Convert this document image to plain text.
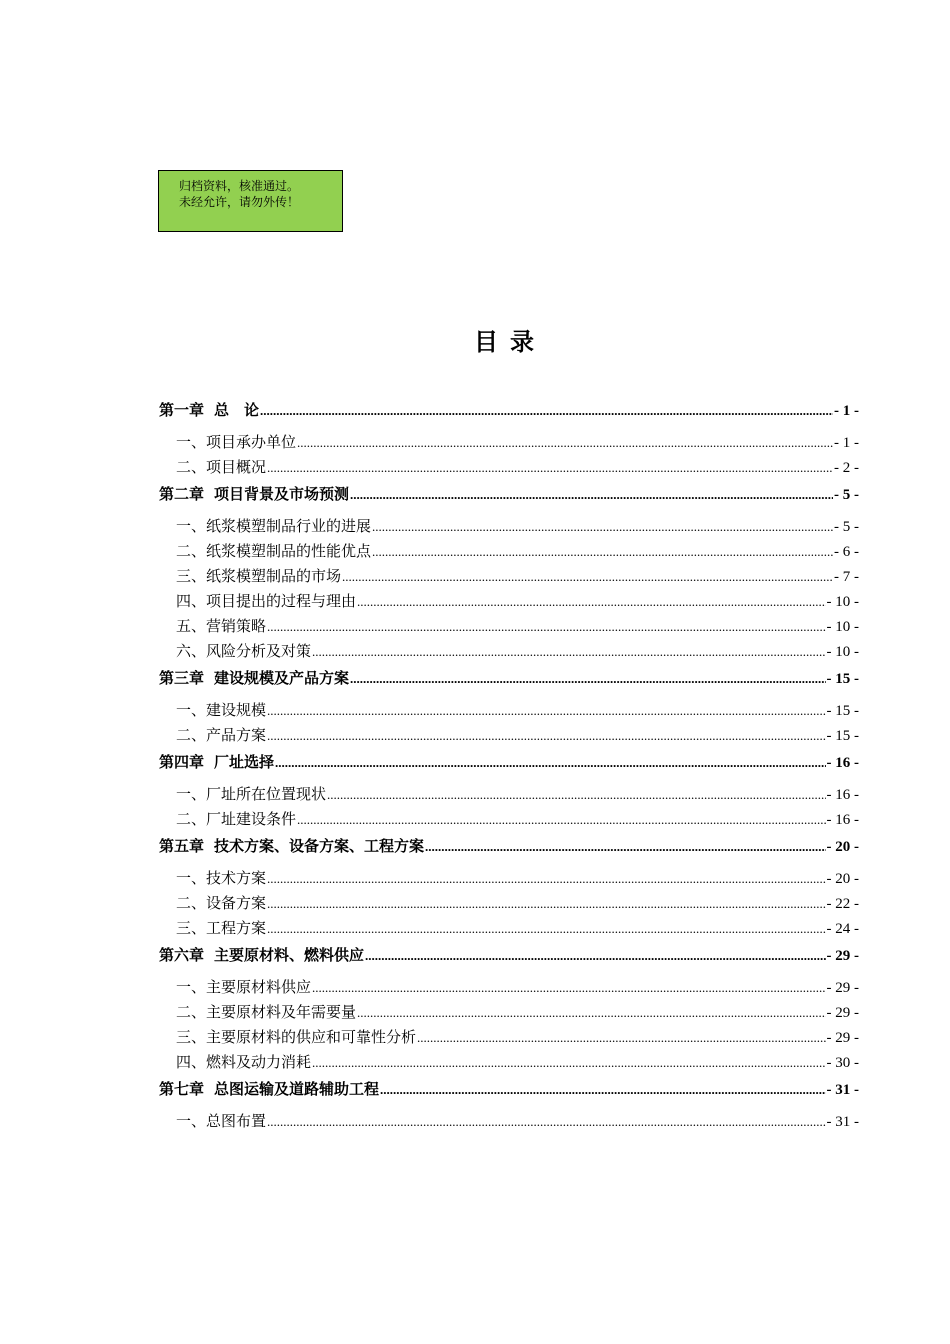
归档资料，核准通过。
未经允许，请勿外传！
目录
第一章 总　论 .....	- 1 -
一、项目承办单位 .....	- 1 -
二、项目概况 .....	- 2 -
第二章 项目背景及市场预测 .....	- 5 -
一、纸浆模塑制品行业的进展 .....	- 5 -
二、纸浆模塑制品的性能优点 .....	- 6 -
三、纸浆模塑制品的市场 .....	- 7 -
四、项目提出的过程与理由 .....	- 10 -
五、营销策略 .....	- 10 -
六、风险分析及对策 .....	- 10 -
第三章 建设规模及产品方案 .....	- 15 -
一、建设规模 .....	- 15 -
二、产品方案 .....	- 15 -
第四章 厂址选择 .....	- 16 -
一、厂址所在位置现状 .....	- 16 -
二、厂址建设条件 .....	- 16 -
第五章 技术方案、设备方案、工程方案 .....	- 20 -
一、技术方案 .....	- 20 -
二、设备方案 .....	- 22 -
三、工程方案 .....	- 24 -
第六章 主要原材料、燃料供应 .....	- 29 -
一、主要原材料供应 .....	- 29 -
二、主要原材料及年需要量 .....	- 29 -
三、主要原材料的供应和可靠性分析 .....	- 29 -
四、燃料及动力消耗 .....	- 30 -
第七章 总图运输及道路辅助工程 .....	- 31 -
一、总图布置 .....	- 31 -
